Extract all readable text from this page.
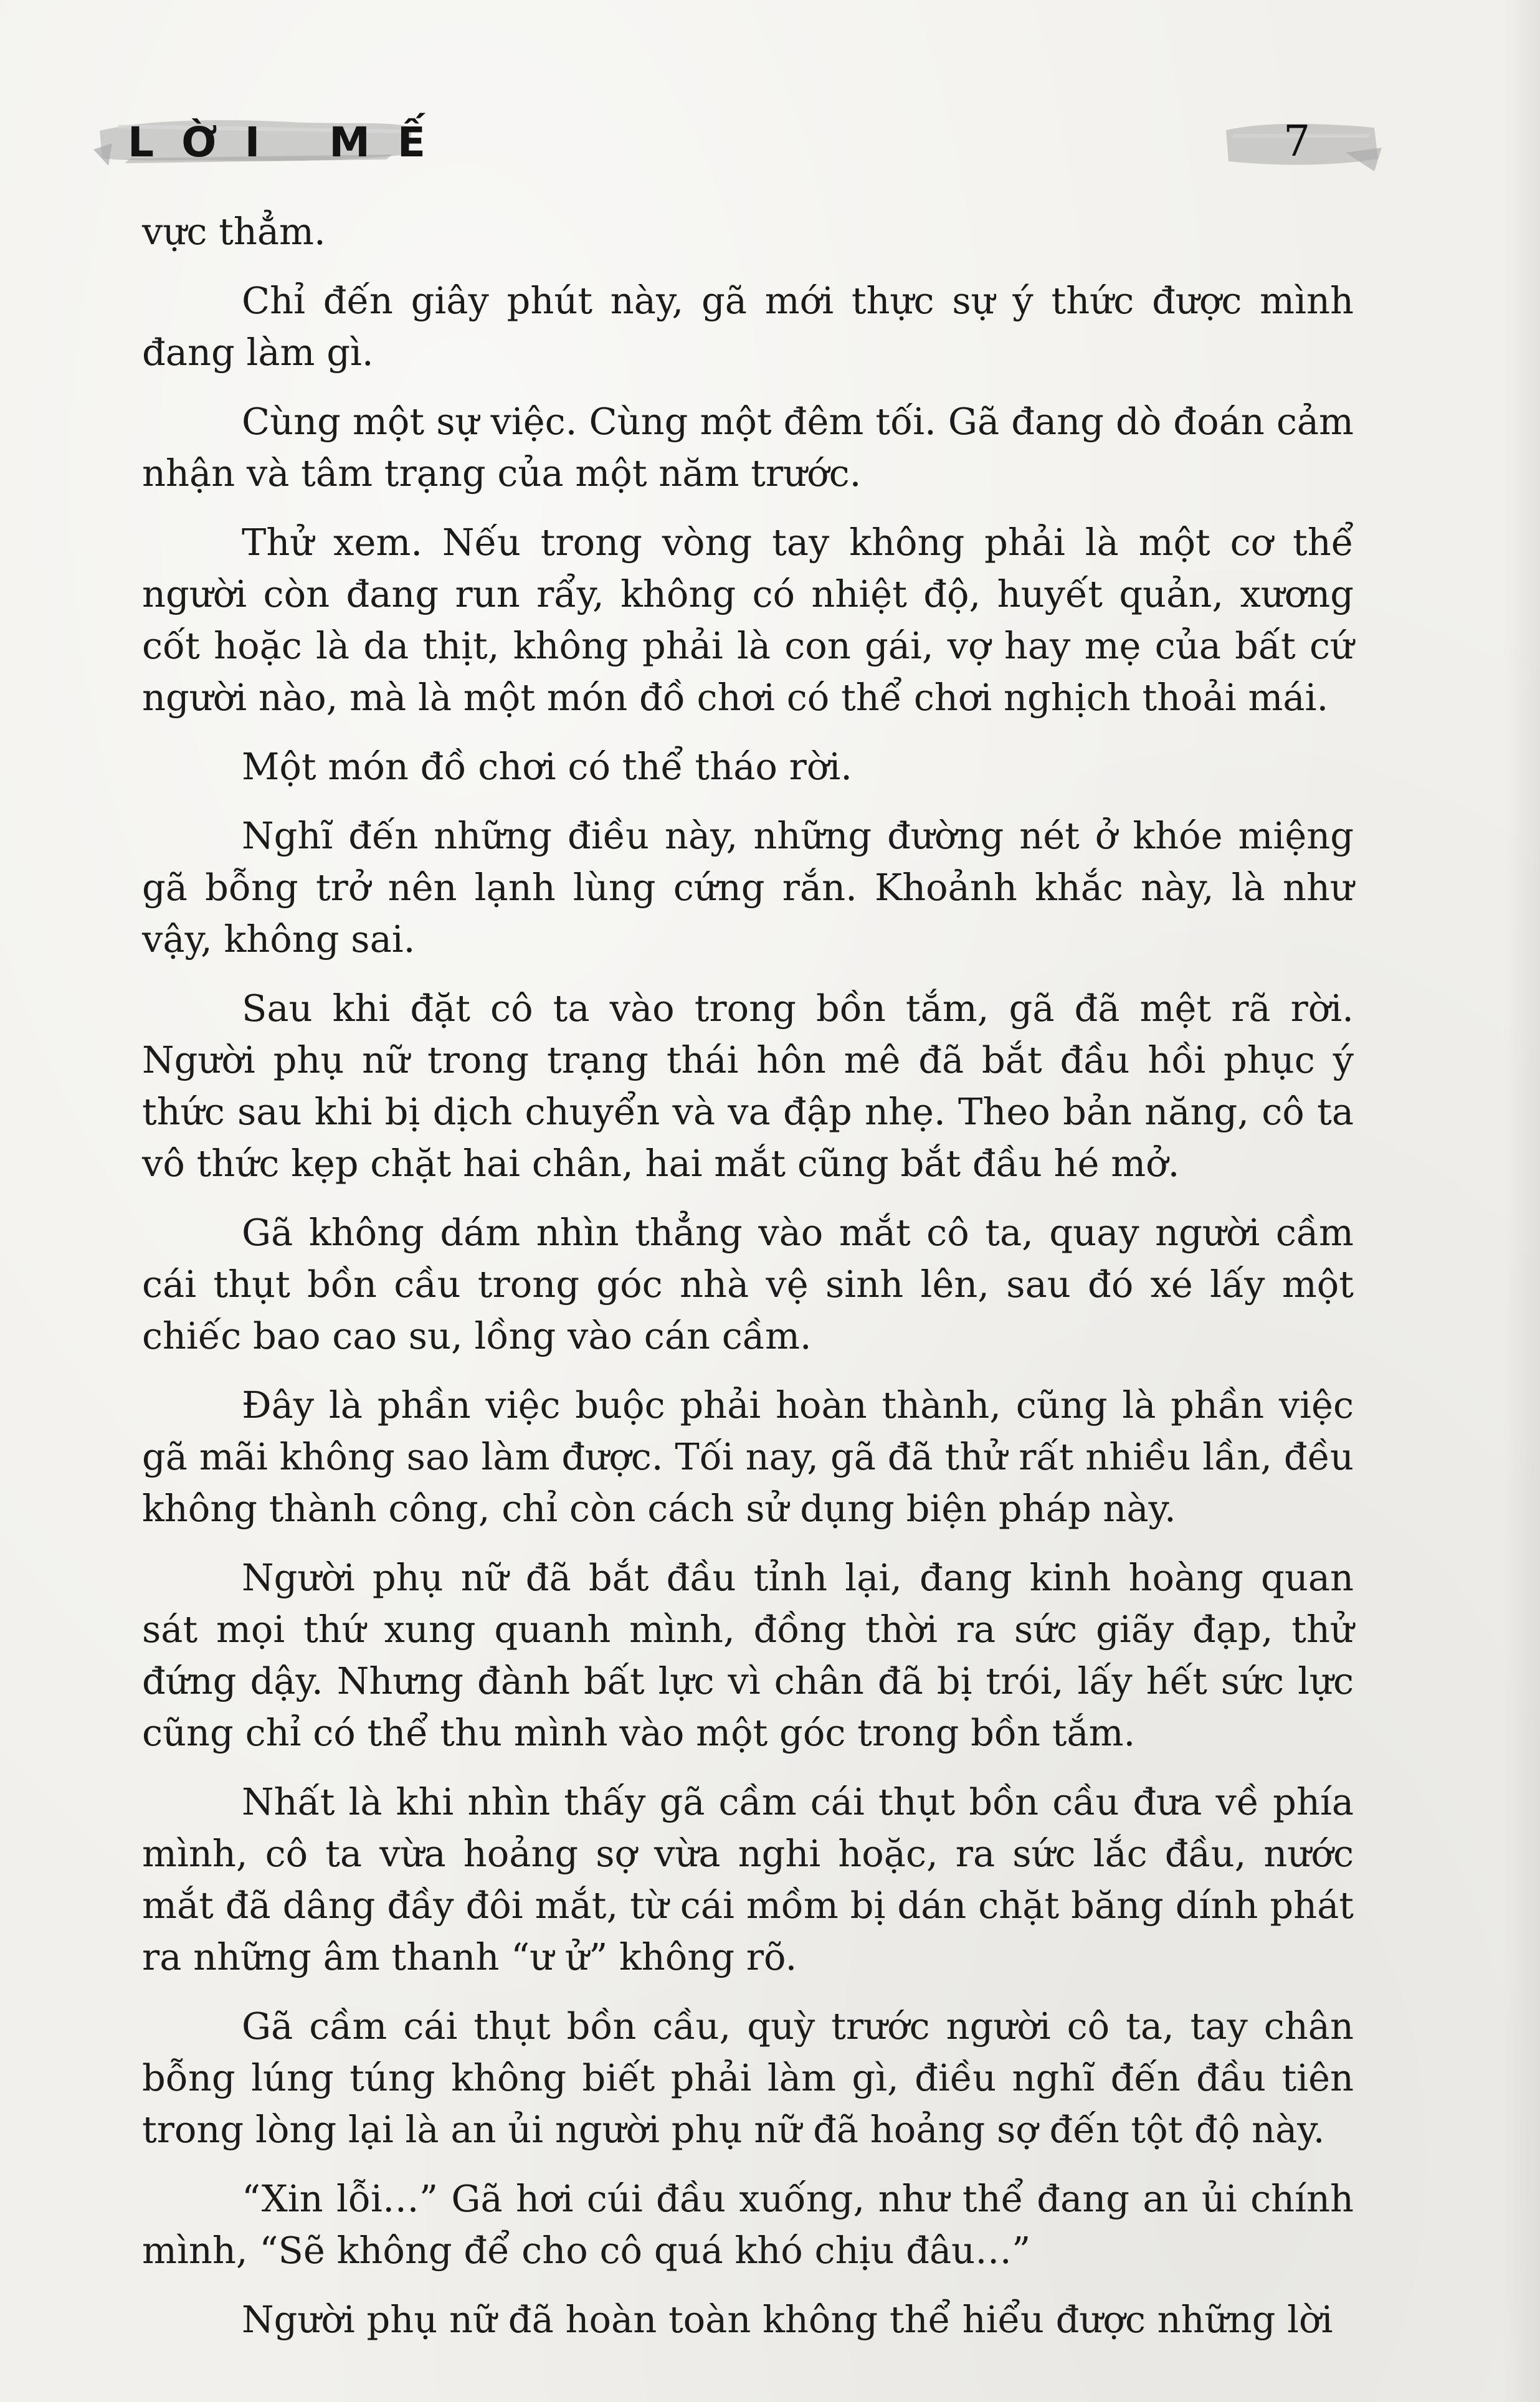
LỜI MẾ	7

vực thẳm.

Chỉ đến giây phút này, gã mới thực sự ý thức được mình đang làm gì.

Cùng một sự việc. Cùng một đêm tối. Gã đang dò đoán cảm nhận và tâm trạng của một năm trước.

Thử xem. Nếu trong vòng tay không phải là một cơ thể người còn đang run rẩy, không có nhiệt độ, huyết quản, xương cốt hoặc là da thịt, không phải là con gái, vợ hay mẹ của bất cứ người nào, mà là một món đồ chơi có thể chơi nghịch thoải mái.

Một món đồ chơi có thể tháo rời.

Nghĩ đến những điều này, những đường nét ở khóe miệng gã bỗng trở nên lạnh lùng cứng rắn. Khoảnh khắc này, là như vậy, không sai.

Sau khi đặt cô ta vào trong bồn tắm, gã đã mệt rã rời. Người phụ nữ trong trạng thái hôn mê đã bắt đầu hồi phục ý thức sau khi bị dịch chuyển và va đập nhẹ. Theo bản năng, cô ta vô thức kẹp chặt hai chân, hai mắt cũng bắt đầu hé mở.

Gã không dám nhìn thẳng vào mắt cô ta, quay người cầm cái thụt bồn cầu trong góc nhà vệ sinh lên, sau đó xé lấy một chiếc bao cao su, lồng vào cán cầm.

Đây là phần việc buộc phải hoàn thành, cũng là phần việc gã mãi không sao làm được. Tối nay, gã đã thử rất nhiều lần, đều không thành công, chỉ còn cách sử dụng biện pháp này.

Người phụ nữ đã bắt đầu tỉnh lại, đang kinh hoàng quan sát mọi thứ xung quanh mình, đồng thời ra sức giãy đạp, thử đứng dậy. Nhưng đành bất lực vì chân đã bị trói, lấy hết sức lực cũng chỉ có thể thu mình vào một góc trong bồn tắm.

Nhất là khi nhìn thấy gã cầm cái thụt bồn cầu đưa về phía mình, cô ta vừa hoảng sợ vừa nghi hoặc, ra sức lắc đầu, nước mắt đã dâng đầy đôi mắt, từ cái mồm bị dán chặt băng dính phát ra những âm thanh “ư ử” không rõ.

Gã cầm cái thụt bồn cầu, quỳ trước người cô ta, tay chân bỗng lúng túng không biết phải làm gì, điều nghĩ đến đầu tiên trong lòng lại là an ủi người phụ nữ đã hoảng sợ đến tột độ này.

“Xin lỗi…” Gã hơi cúi đầu xuống, như thể đang an ủi chính mình, “Sẽ không để cho cô quá khó chịu đâu…”

Người phụ nữ đã hoàn toàn không thể hiểu được những lời
